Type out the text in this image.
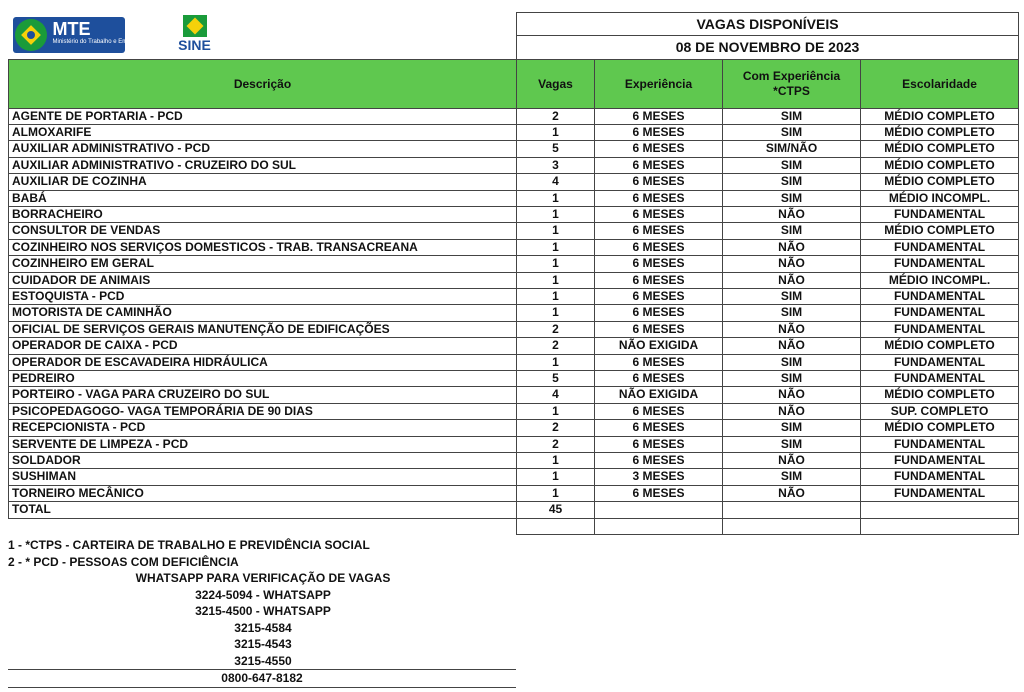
MTE
Ministério do Trabalho e Emprego SINE	VAGAS DISPONÍVEIS			
	08 DE NOVEMBRO DE 2023			
Descrição	Vagas	Experiência	Com Experiência *CTPS	Escolaridade
AGENTE DE PORTARIA - PCD	2	6 MESES	SIM	MÉDIO COMPLETO
ALMOXARIFE	1	6 MESES	SIM	MÉDIO COMPLETO
AUXILIAR ADMINISTRATIVO - PCD	5	6 MESES	SIM/NÃO	MÉDIO COMPLETO
AUXILIAR ADMINISTRATIVO - CRUZEIRO DO SUL	3	6 MESES	SIM	MÉDIO COMPLETO
AUXILIAR DE COZINHA	4	6 MESES	SIM	MÉDIO COMPLETO
BABÁ	1	6 MESES	SIM	MÉDIO INCOMPL.
BORRACHEIRO	1	6 MESES	NÃO	FUNDAMENTAL
CONSULTOR DE VENDAS	1	6 MESES	SIM	MÉDIO COMPLETO
COZINHEIRO NOS SERVIÇOS DOMESTICOS - TRAB. TRANSACREANA	1	6 MESES	NÃO	FUNDAMENTAL
COZINHEIRO EM GERAL	1	6 MESES	NÃO	FUNDAMENTAL
CUIDADOR DE ANIMAIS	1	6 MESES	NÃO	MÉDIO INCOMPL.
ESTOQUISTA - PCD	1	6 MESES	SIM	FUNDAMENTAL
MOTORISTA DE CAMINHÃO	1	6 MESES	SIM	FUNDAMENTAL
OFICIAL DE SERVIÇOS GERAIS MANUTENÇÃO DE EDIFICAÇÕES	2	6 MESES	NÃO	FUNDAMENTAL
OPERADOR DE CAIXA - PCD	2	NÃO EXIGIDA	NÃO	MÉDIO COMPLETO
OPERADOR DE ESCAVADEIRA HIDRÁULICA	1	6 MESES	SIM	FUNDAMENTAL
PEDREIRO	5	6 MESES	SIM	FUNDAMENTAL
PORTEIRO - VAGA PARA CRUZEIRO DO SUL	4	NÃO EXIGIDA	NÃO	MÉDIO COMPLETO
PSICOPEDAGOGO- VAGA TEMPORÁRIA DE 90 DIAS	1	6 MESES	NÃO	SUP. COMPLETO
RECEPCIONISTA - PCD	2	6 MESES	SIM	MÉDIO COMPLETO
SERVENTE DE LIMPEZA - PCD	2	6 MESES	SIM	FUNDAMENTAL
SOLDADOR	1	6 MESES	NÃO	FUNDAMENTAL
SUSHIMAN	1	3 MESES	SIM	FUNDAMENTAL
TORNEIRO MECÂNICO	1	6 MESES	NÃO	FUNDAMENTAL
TOTAL	45			

1 - *CTPS - CARTEIRA DE TRABALHO E PREVIDÊNCIA SOCIAL
2 - * PCD - PESSOAS COM DEFICIÊNCIA
WHATSAPP PARA VERIFICAÇÃO DE VAGAS
3224-5094 - WHATSAPP
3215-4500 - WHATSAPP
3215-4584
3215-4543
3215-4550
0800-647-8182
